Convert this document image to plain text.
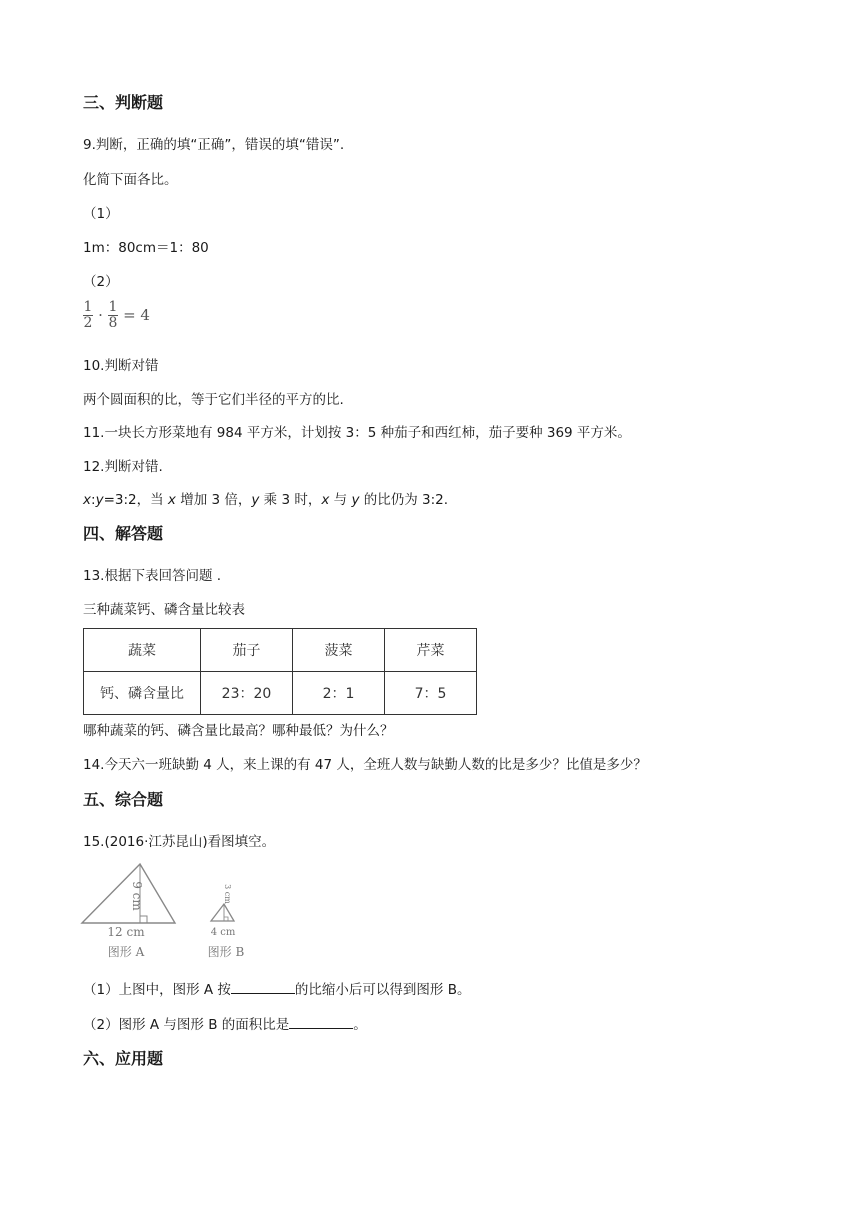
三、判断题
9.判断，正确的填“正确”，错误的填“错误”.
化简下面各比。
（1）
1m：80cm＝1：80
（2）
$\frac{1}{2} \cdot \frac{1}{8} = 4$
10.判断对错
两个圆面积的比，等于它们半径的平方的比.
11.一块长方形菜地有 984 平方米，计划按 3：5 种茄子和西红柿，茄子要种 369 平方米。
12.判断对错.
x:y=3:2，当 x 增加 3 倍，y 乘 3 时，x 与 y 的比仍为 3:2.
四、解答题
13.根据下表回答问题 .
三种蔬菜钙、磷含量比较表
蔬菜	茄子	菠菜	芹菜
钙、磷含量比	23：20	2：1	7：5
哪种蔬菜的钙、磷含量比最高？哪种最低？为什么？
14.今天六一班缺勤 4 人，来上课的有 47 人，全班人数与缺勤人数的比是多少？比值是多少？
五、综合题
15.(2016·江苏昆山)看图填空。
9 cm
12 cm
图形 A
3 cm
4 cm
图形 B
（1）上图中，图形 A 按	的比缩小后可以得到图形 B。
（2）图形 A 与图形 B 的面积比是	。
六、应用题
